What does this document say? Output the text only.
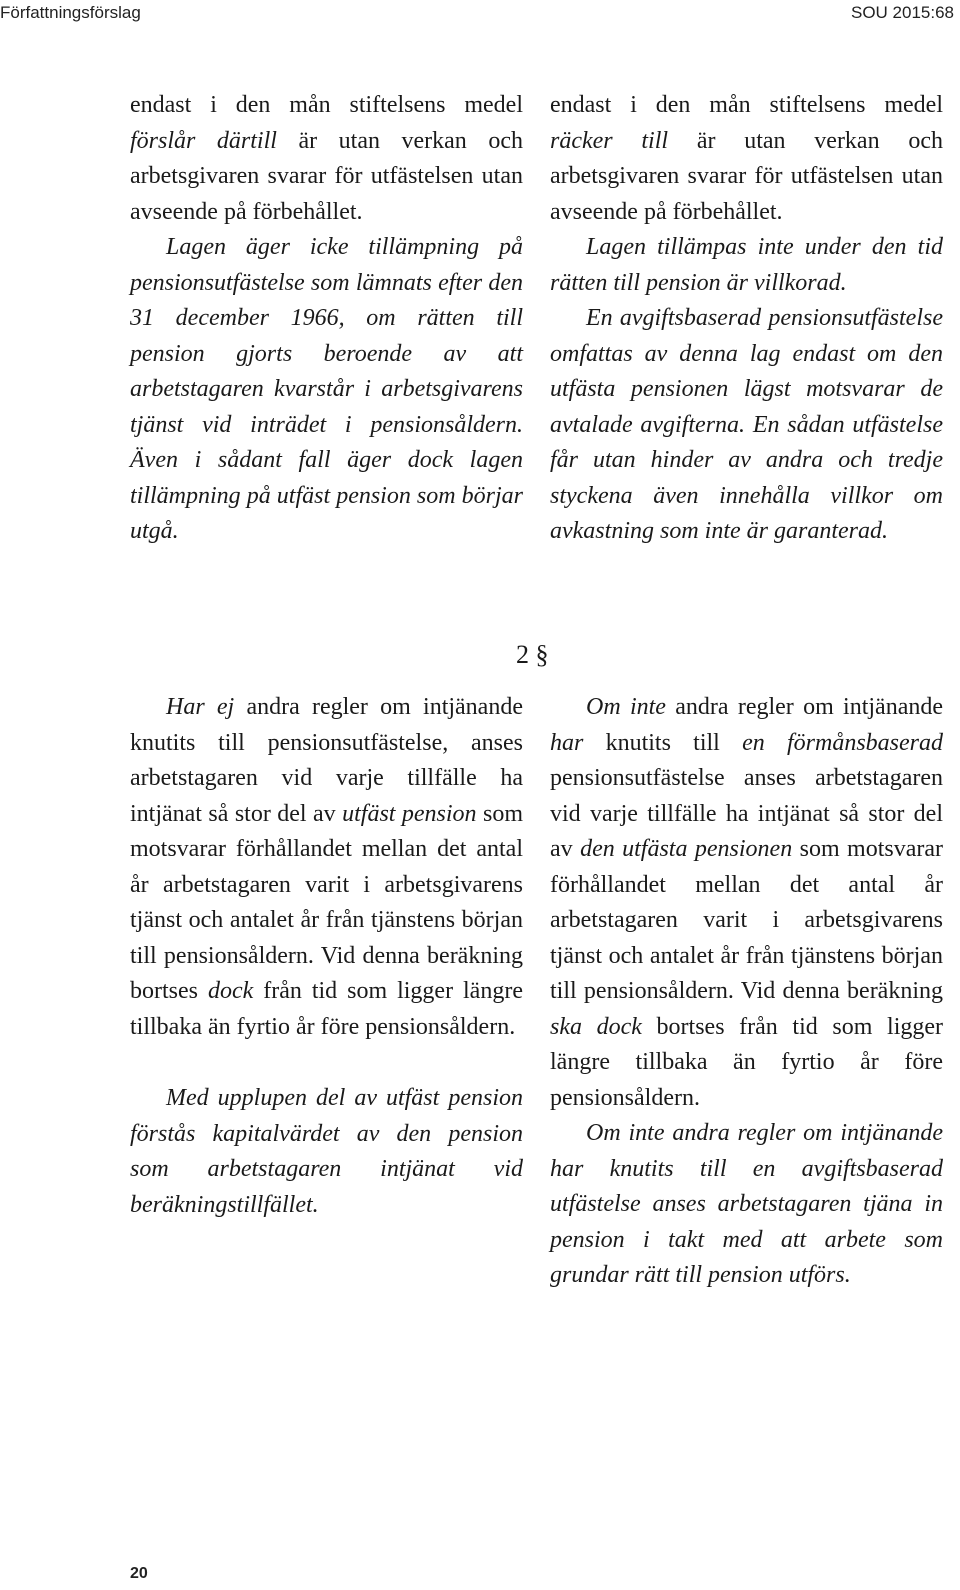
Författningsförslag	SOU 2015:68

endast i den mån stiftelsens medel förslår därtill är utan verkan och arbetsgivaren svarar för utfästelsen utan avseende på förbehållet.

Lagen äger icke tillämpning på pensionsutfästelse som lämnats efter den 31 december 1966, om rätten till pension gjorts beroende av att arbetstagaren kvarstår i arbetsgivarens tjänst vid inträdet i pensionsåldern. Även i sådant fall äger dock lagen tillämpning på utfäst pension som börjar utgå.

endast i den mån stiftelsens medel räcker till är utan verkan och arbetsgivaren svarar för utfästelsen utan avseende på förbehållet.

Lagen tillämpas inte under den tid rätten till pension är villkorad.

En avgiftsbaserad pensionsutfästelse omfattas av denna lag endast om den utfästa pensionen lägst motsvarar de avtalade avgifterna. En sådan utfästelse får utan hinder av andra och tredje styckena även innehålla villkor om avkastning som inte är garanterad.

2 §

Har ej andra regler om intjänande knutits till pensionsutfästelse, anses arbetstagaren vid varje tillfälle ha intjänat så stor del av utfäst pension som motsvarar förhållandet mellan det antal år arbetstagaren varit i arbetsgivarens tjänst och antalet år från tjänstens början till pensionsåldern. Vid denna beräkning bortses dock från tid som ligger längre tillbaka än fyrtio år före pensionsåldern.

Med upplupen del av utfäst pension förstås kapitalvärdet av den pension som arbetstagaren intjänat vid beräkningstillfället.

Om inte andra regler om intjänande har knutits till en förmånsbaserad pensionsutfästelse anses arbetstagaren vid varje tillfälle ha intjänat så stor del av den utfästa pensionen som motsvarar förhållandet mellan det antal år arbetstagaren varit i arbetsgivarens tjänst och antalet år från tjänstens början till pensionsåldern. Vid denna beräkning ska dock bortses från tid som ligger längre tillbaka än fyrtio år före pensionsåldern.

Om inte andra regler om intjänande har knutits till en avgiftsbaserad utfästelse anses arbetstagaren tjäna in pension i takt med att arbete som grundar rätt till pension utförs.

20
